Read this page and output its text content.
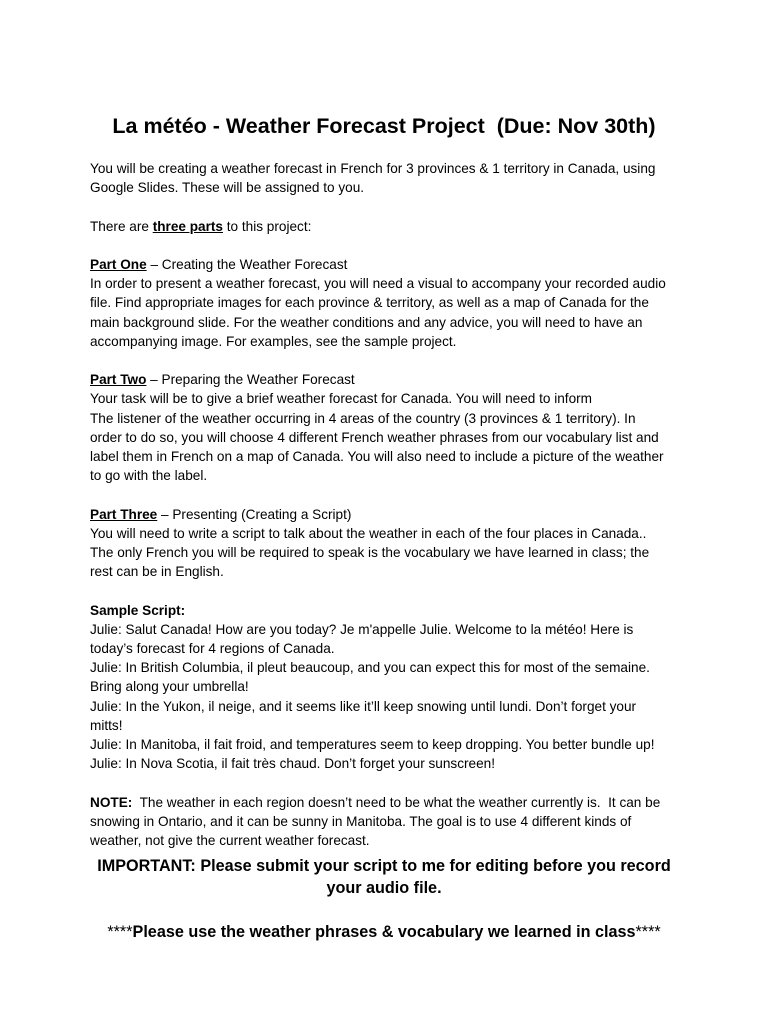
La météo - Weather Forecast Project  (Due: Nov 30th)
You will be creating a weather forecast in French for 3 provinces & 1 territory in Canada, using
Google Slides. These will be assigned to you.
There are three parts to this project:
Part One – Creating the Weather Forecast
In order to present a weather forecast, you will need a visual to accompany your recorded audio
file. Find appropriate images for each province & territory, as well as a map of Canada for the
main background slide. For the weather conditions and any advice, you will need to have an
accompanying image. For examples, see the sample project.
Part Two – Preparing the Weather Forecast
Your task will be to give a brief weather forecast for Canada. You will need to inform
The listener of the weather occurring in 4 areas of the country (3 provinces & 1 territory). In
order to do so, you will choose 4 different French weather phrases from our vocabulary list and
label them in French on a map of Canada. You will also need to include a picture of the weather
to go with the label.
Part Three – Presenting (Creating a Script)
You will need to write a script to talk about the weather in each of the four places in Canada..
The only French you will be required to speak is the vocabulary we have learned in class; the
rest can be in English.
Sample Script:
Julie: Salut Canada! How are you today? Je m'appelle Julie. Welcome to la météo! Here is
today’s forecast for 4 regions of Canada.
Julie: In British Columbia, il pleut beaucoup, and you can expect this for most of the semaine.
Bring along your umbrella!
Julie: In the Yukon, il neige, and it seems like it’ll keep snowing until lundi. Don’t forget your
mitts!
Julie: In Manitoba, il fait froid, and temperatures seem to keep dropping. You better bundle up!
Julie: In Nova Scotia, il fait très chaud. Don’t forget your sunscreen!
NOTE:  The weather in each region doesn’t need to be what the weather currently is.  It can be
snowing in Ontario, and it can be sunny in Manitoba. The goal is to use 4 different kinds of
weather, not give the current weather forecast.
IMPORTANT: Please submit your script to me for editing before you record
your audio file.
****Please use the weather phrases & vocabulary we learned in class****
